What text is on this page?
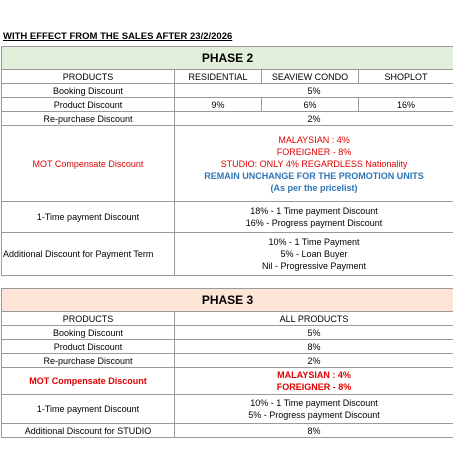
WITH EFFECT FROM THE SALES AFTER 23/2/2026
PHASE 2			
PRODUCTS	RESIDENTIAL	SEAVIEW CONDO	SHOPLOT
Booking Discount	5%		
Product Discount	9%	6%	16%
Re-purchase Discount	2%		
MOT Compensate Discount	MALAYSIAN : 4%
FOREIGNER - 8%
STUDIO: ONLY 4% REGARDLESS Nationality
REMAIN UNCHANGE FOR THE PROMOTION UNITS
(As per the pricelist)		

1-Time payment Discount	18% - 1 Time payment Discount
16% - Progress payment Discount		

Additional Discount for Payment Term	10% - 1 Time Payment
5% - Loan Buyer
Nil - Progressive Payment		
PHASE 3	
PRODUCTS	ALL PRODUCTS
Booking Discount	5%
Product Discount	8%
Re-purchase Discount	2%
MOT Compensate Discount	MALAYSIAN : 4%
FOREIGNER - 8%

1-Time payment Discount	10% - 1 Time payment Discount
5% - Progress payment Discount

Additional Discount for STUDIO	8%
